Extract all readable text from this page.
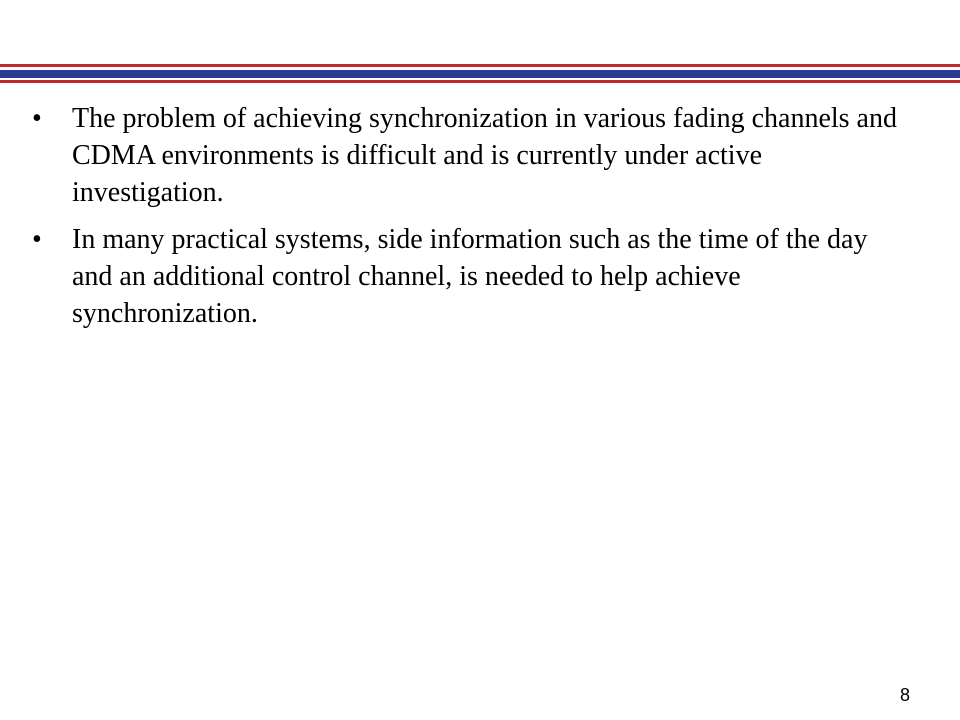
•	The problem of achieving synchronization in various fading channels and CDMA environments is difficult and is currently under active investigation.
•	In many practical systems, side information such as the time of the day and an additional control channel, is needed to help achieve synchronization.
8
